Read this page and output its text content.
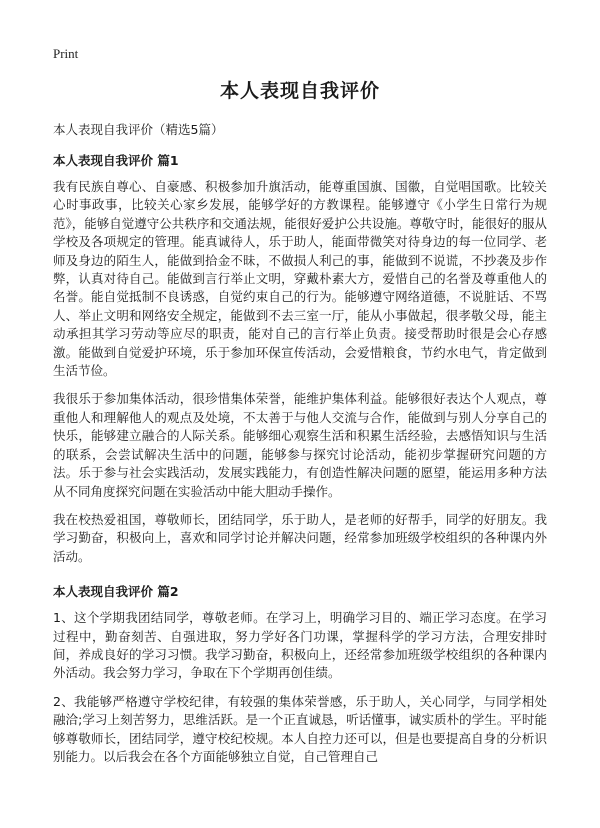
Print
本人表现自我评价
本人表现自我评价（精选5篇）
本人表现自我评价 篇1

我有民族自尊心、自豪感、积极参加升旗活动，能尊重国旗、国徽，自觉唱国歌。比较关心时事政事，比较关心家乡发展，能够学好的方教课程。能够遵守《小学生日常行为规范》，能够自觉遵守公共秩序和交通法规，能很好爱护公共设施。尊敬守时，能很好的服从学校及各项规定的管理。能真诚待人，乐于助人，能面带微笑对待身边的每一位同学、老师及身边的陌生人，能做到拾金不昧，不做损人利己的事，能做到不说谎，不抄袭及步作弊，认真对待自己。能做到言行举止文明，穿戴朴素大方，爱惜自己的名誉及尊重他人的名誉。能自觉抵制不良诱惑，自觉约束自己的行为。能够遵守网络道德，不说脏话、不骂人、举止文明和网络安全规定，能做到不去三室一厅，能从小事做起，很孝敬父母，能主动承担其学习劳动等应尽的职责，能对自己的言行举止负责。接受帮助时很是会心存感激。能做到自觉爱护环境，乐于参加环保宣传活动，会爱惜粮食，节约水电气，肯定做到生活节俭。

我很乐于参加集体活动，很珍惜集体荣誉，能维护集体利益。能够很好表达个人观点，尊重他人和理解他人的观点及处境，不太善于与他人交流与合作，能做到与别人分享自己的快乐，能够建立融合的人际关系。能够细心观察生活和积累生活经验，去感悟知识与生活的联系，会尝试解决生活中的问题，能够参与探究讨论活动，能初步掌握研究问题的方法。乐于参与社会实践活动，发展实践能力，有创造性解决问题的愿望，能运用多种方法从不同角度探究问题在实验活动中能大胆动手操作。

我在校热爱祖国，尊敬师长，团结同学，乐于助人，是老师的好帮手，同学的好朋友。我学习勤奋，积极向上，喜欢和同学讨论并解决问题，经常参加班级学校组织的各种课内外活动。

本人表现自我评价 篇2

1、这个学期我团结同学，尊敬老师。在学习上，明确学习目的、端正学习态度。在学习过程中，勤奋刻苦、自强进取，努力学好各门功课，掌握科学的学习方法，合理安排时间，养成良好的学习习惯。我学习勤奋，积极向上，还经常参加班级学校组织的各种课内外活动。我会努力学习，争取在下个学期再创佳绩。

2、我能够严格遵守学校纪律，有较强的集体荣誉感，乐于助人，关心同学，与同学相处融洽;学习上刻苦努力，思维活跃。是一个正直诚恳，听话懂事，诚实质朴的学生。平时能够尊敬师长，团结同学，遵守校纪校规。本人自控力还可以，但是也要提高自身的分析识别能力。以后我会在各个方面能够独立自觉，自己管理自己
